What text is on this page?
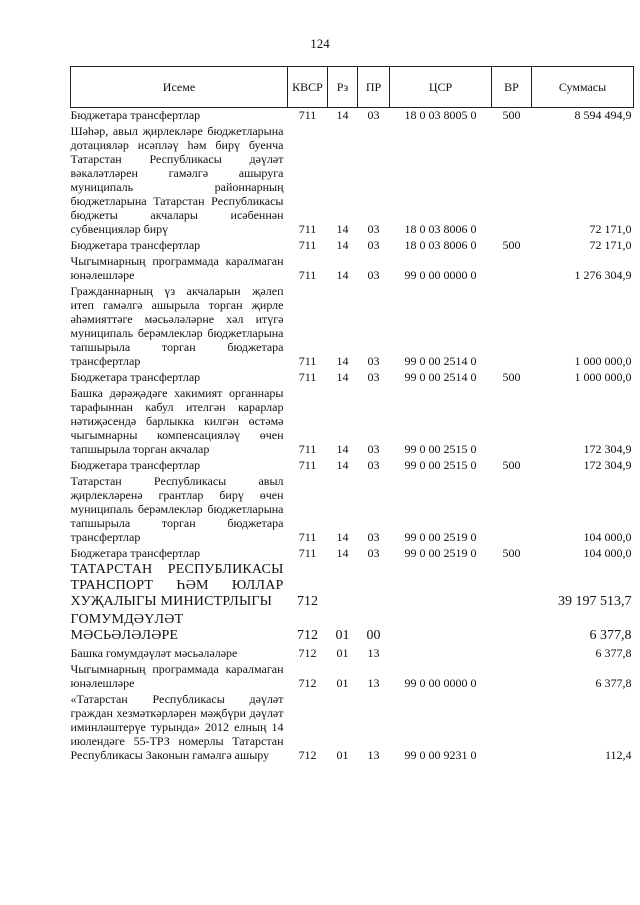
124
Исеме	КВСР	Рз	ПР	ЦСР	ВР	Суммасы
Бюджетара трансфертлар	711	14	03	18 0 03 8005 0	500	8 594 494,9
Шәһәр, авыл җирлекләре бюджетларына дотацияләр исәпләү һәм бирү буенча Татарстан Республикасы дәүләт вәкаләтләрен гамәлгә ашыруга муниципаль районнарның бюджетларына Татарстан Республикасы бюджеты акчалары исәбеннән субвенцияләр бирү	711	14	03	18 0 03 8006 0		72 171,0
Бюджетара трансфертлар	711	14	03	18 0 03 8006 0	500	72 171,0
Чыгымнарның программада каралмаган юнәлешләре	711	14	03	99 0 00 0000 0		1 276 304,9
Гражданнарның үз акчаларын җәлеп итеп гамәлгә ашырыла торган җирле әһәмияттәге мәсьәләләрне хәл итүгә муниципаль берәмлекләр бюджетларына тапшырыла торган бюджетара трансфертлар	711	14	03	99 0 00 2514 0		1 000 000,0
Бюджетара трансфертлар	711	14	03	99 0 00 2514 0	500	1 000 000,0
Башка дәрәҗәдәге хакимият органнары тарафыннан кабул ителгән карарлар нәтиҗәсендә барлыкка килгән өстәмә чыгымнарны компенсацияләү өчен тапшырыла торган акчалар	711	14	03	99 0 00 2515 0		172 304,9
Бюджетара трансфертлар	711	14	03	99 0 00 2515 0	500	172 304,9
Татарстан Республикасы авыл җирлекләренә грантлар бирү өчен муниципаль берәмлекләр бюджетларына тапшырыла торган бюджетара трансфертлар	711	14	03	99 0 00 2519 0		104 000,0
Бюджетара трансфертлар	711	14	03	99 0 00 2519 0	500	104 000,0
ТАТАРСТАН РЕСПУБЛИКАСЫ ТРАНСПОРТ ҺӘМ ЮЛЛАР ХУҖАЛЫГЫ МИНИСТРЛЫГЫ	712					39 197 513,7
ГОМУМДӘҮЛӘТ МӘСЬӘЛӘЛӘРЕ	712	01	00			6 377,8
Башка гомумдәүләт мәсьәләләре	712	01	13			6 377,8
Чыгымнарның программада каралмаган юнәлешләре	712	01	13	99 0 00 0000 0		6 377,8
«Татарстан Республикасы дәүләт граждан хезмәткәрләрен мәҗбүри дәүләт иминләштерүе турында» 2012 елның 14 июлендәге 55-ТРЗ номерлы Татарстан Республикасы Законын гамәлгә ашыру	712	01	13	99 0 00 9231 0		112,4
